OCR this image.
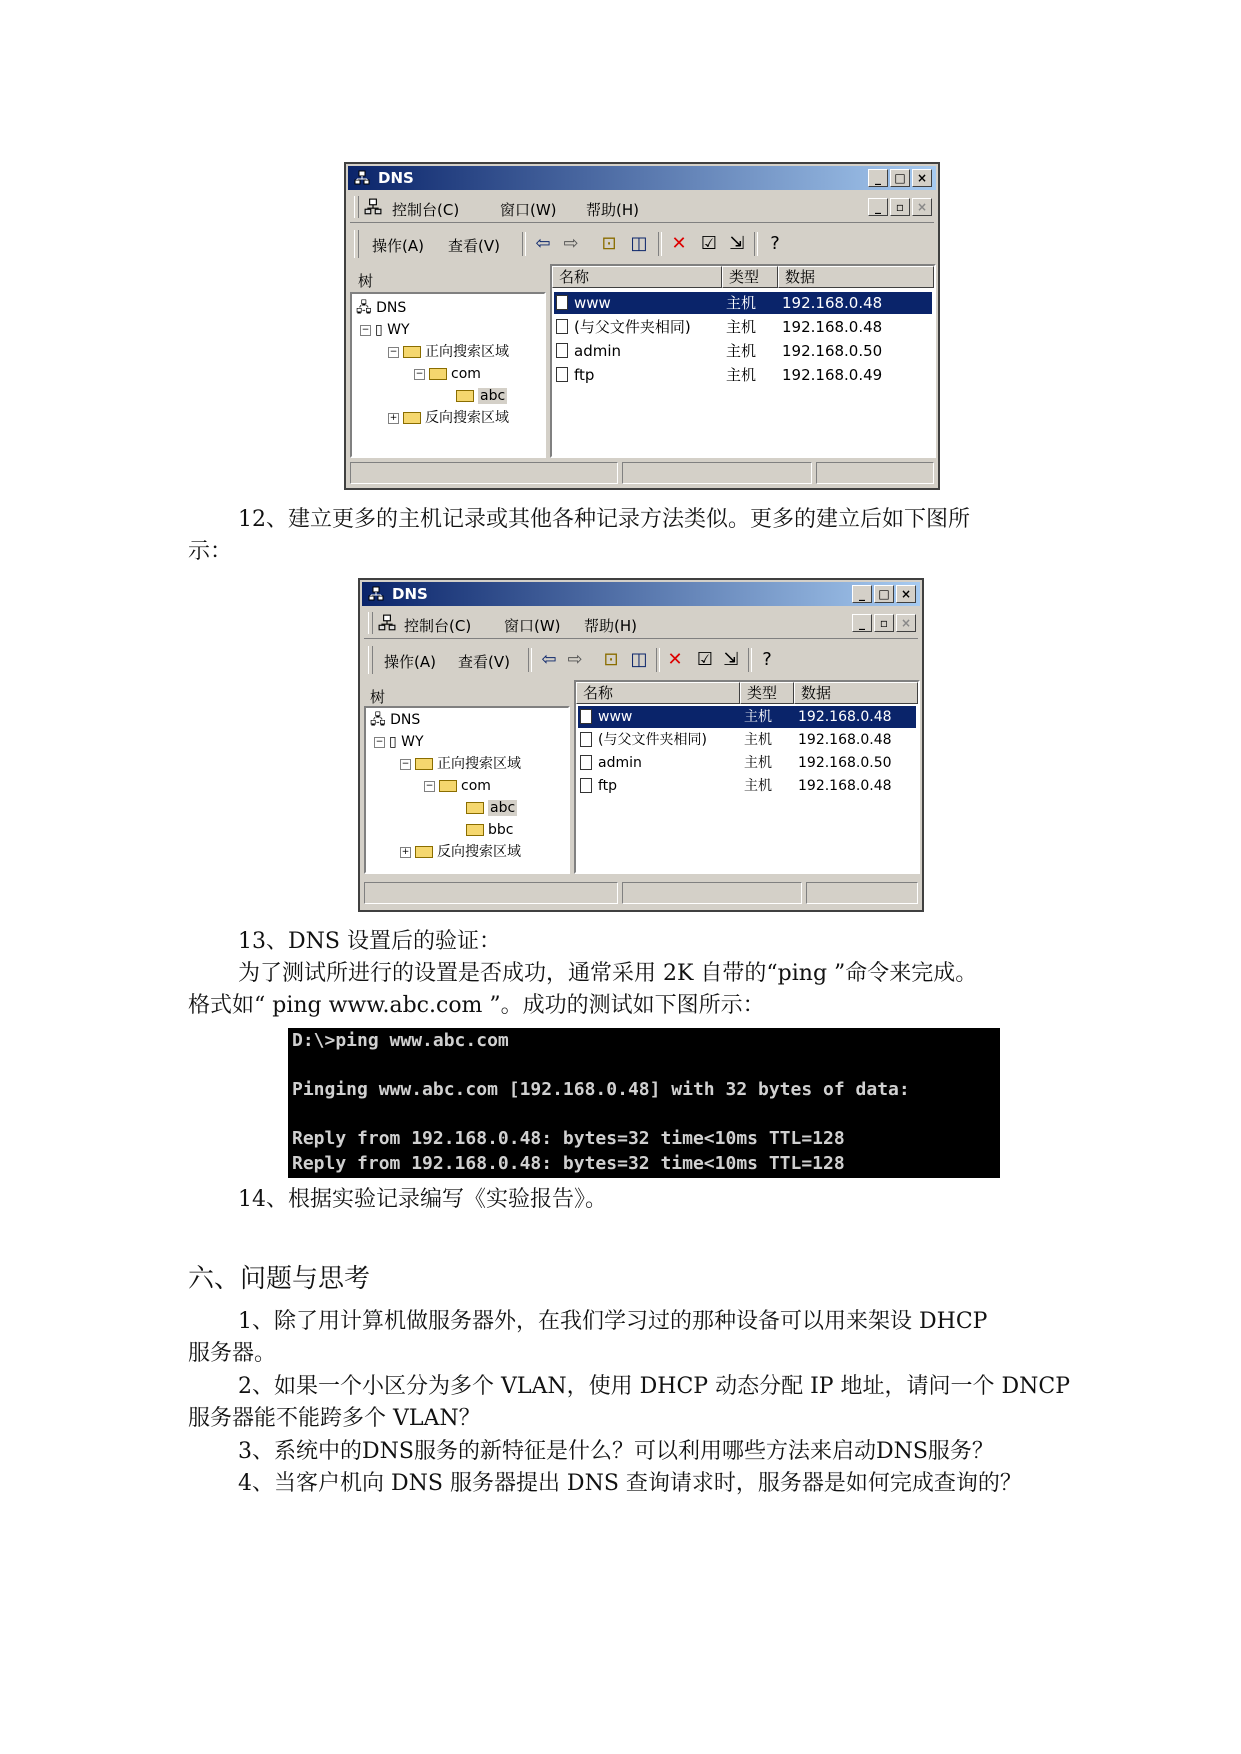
DNS	_	□ ×
控制台(C)	窗口(W) 帮助(H)	_	▫	×
操作(A) 查看(V)	⇦ ⇨	⊡ ◫	✕ ☑ ⇲	?
树
🖧 DNS
− ▯ WY
− 正向搜索区域
− com
abc
+ 反向搜索区域
名称	类型	数据
www	主机 192.168.0.48
(与父文件夹相同) 主机 192.168.0.48
admin	主机 192.168.0.50
ftp	主机 192.168.0.49
12、建立更多的主机记录或其他各种记录方法类似。更多的建立后如下图所
示：
DNS	_	□ ×
控制台(C) 窗口(W) 帮助(H)	_	▫	×
操作(A) 查看(V)	⇦ ⇨	⊡ ◫	✕ ☑ ⇲	?
树
🖧 DNS
− ▯ WY
− 正向搜索区域
− com
abc
bbc
+ 反向搜索区域
名称	类型	数据
www	主机 192.168.0.48
(与父文件夹相同)	主机 192.168.0.48
admin	主机 192.168.0.50
ftp	主机 192.168.0.48
13、DNS 设置后的验证：
为了测试所进行的设置是否成功，通常采用 2K 自带的“ping ”命令来完成。
格式如“ ping www.abc.com ”。成功的测试如下图所示：
D:\>ping www.abc.com
Pinging www.abc.com [192.168.0.48] with 32 bytes of data:
Reply from 192.168.0.48: bytes=32 time<10ms TTL=128
Reply from 192.168.0.48: bytes=32 time<10ms TTL=128
14、根据实验记录编写《实验报告》。
六、问题与思考
1、除了用计算机做服务器外，在我们学习过的那种设备可以用来架设 DHCP
服务器。
2、如果一个小区分为多个 VLAN，使用 DHCP 动态分配 IP 地址，请问一个 DNCP
服务器能不能跨多个 VLAN？
3、系统中的DNS服务的新特征是什么？可以利用哪些方法来启动DNS服务？
4、当客户机向 DNS 服务器提出 DNS 查询请求时，服务器是如何完成查询的？
